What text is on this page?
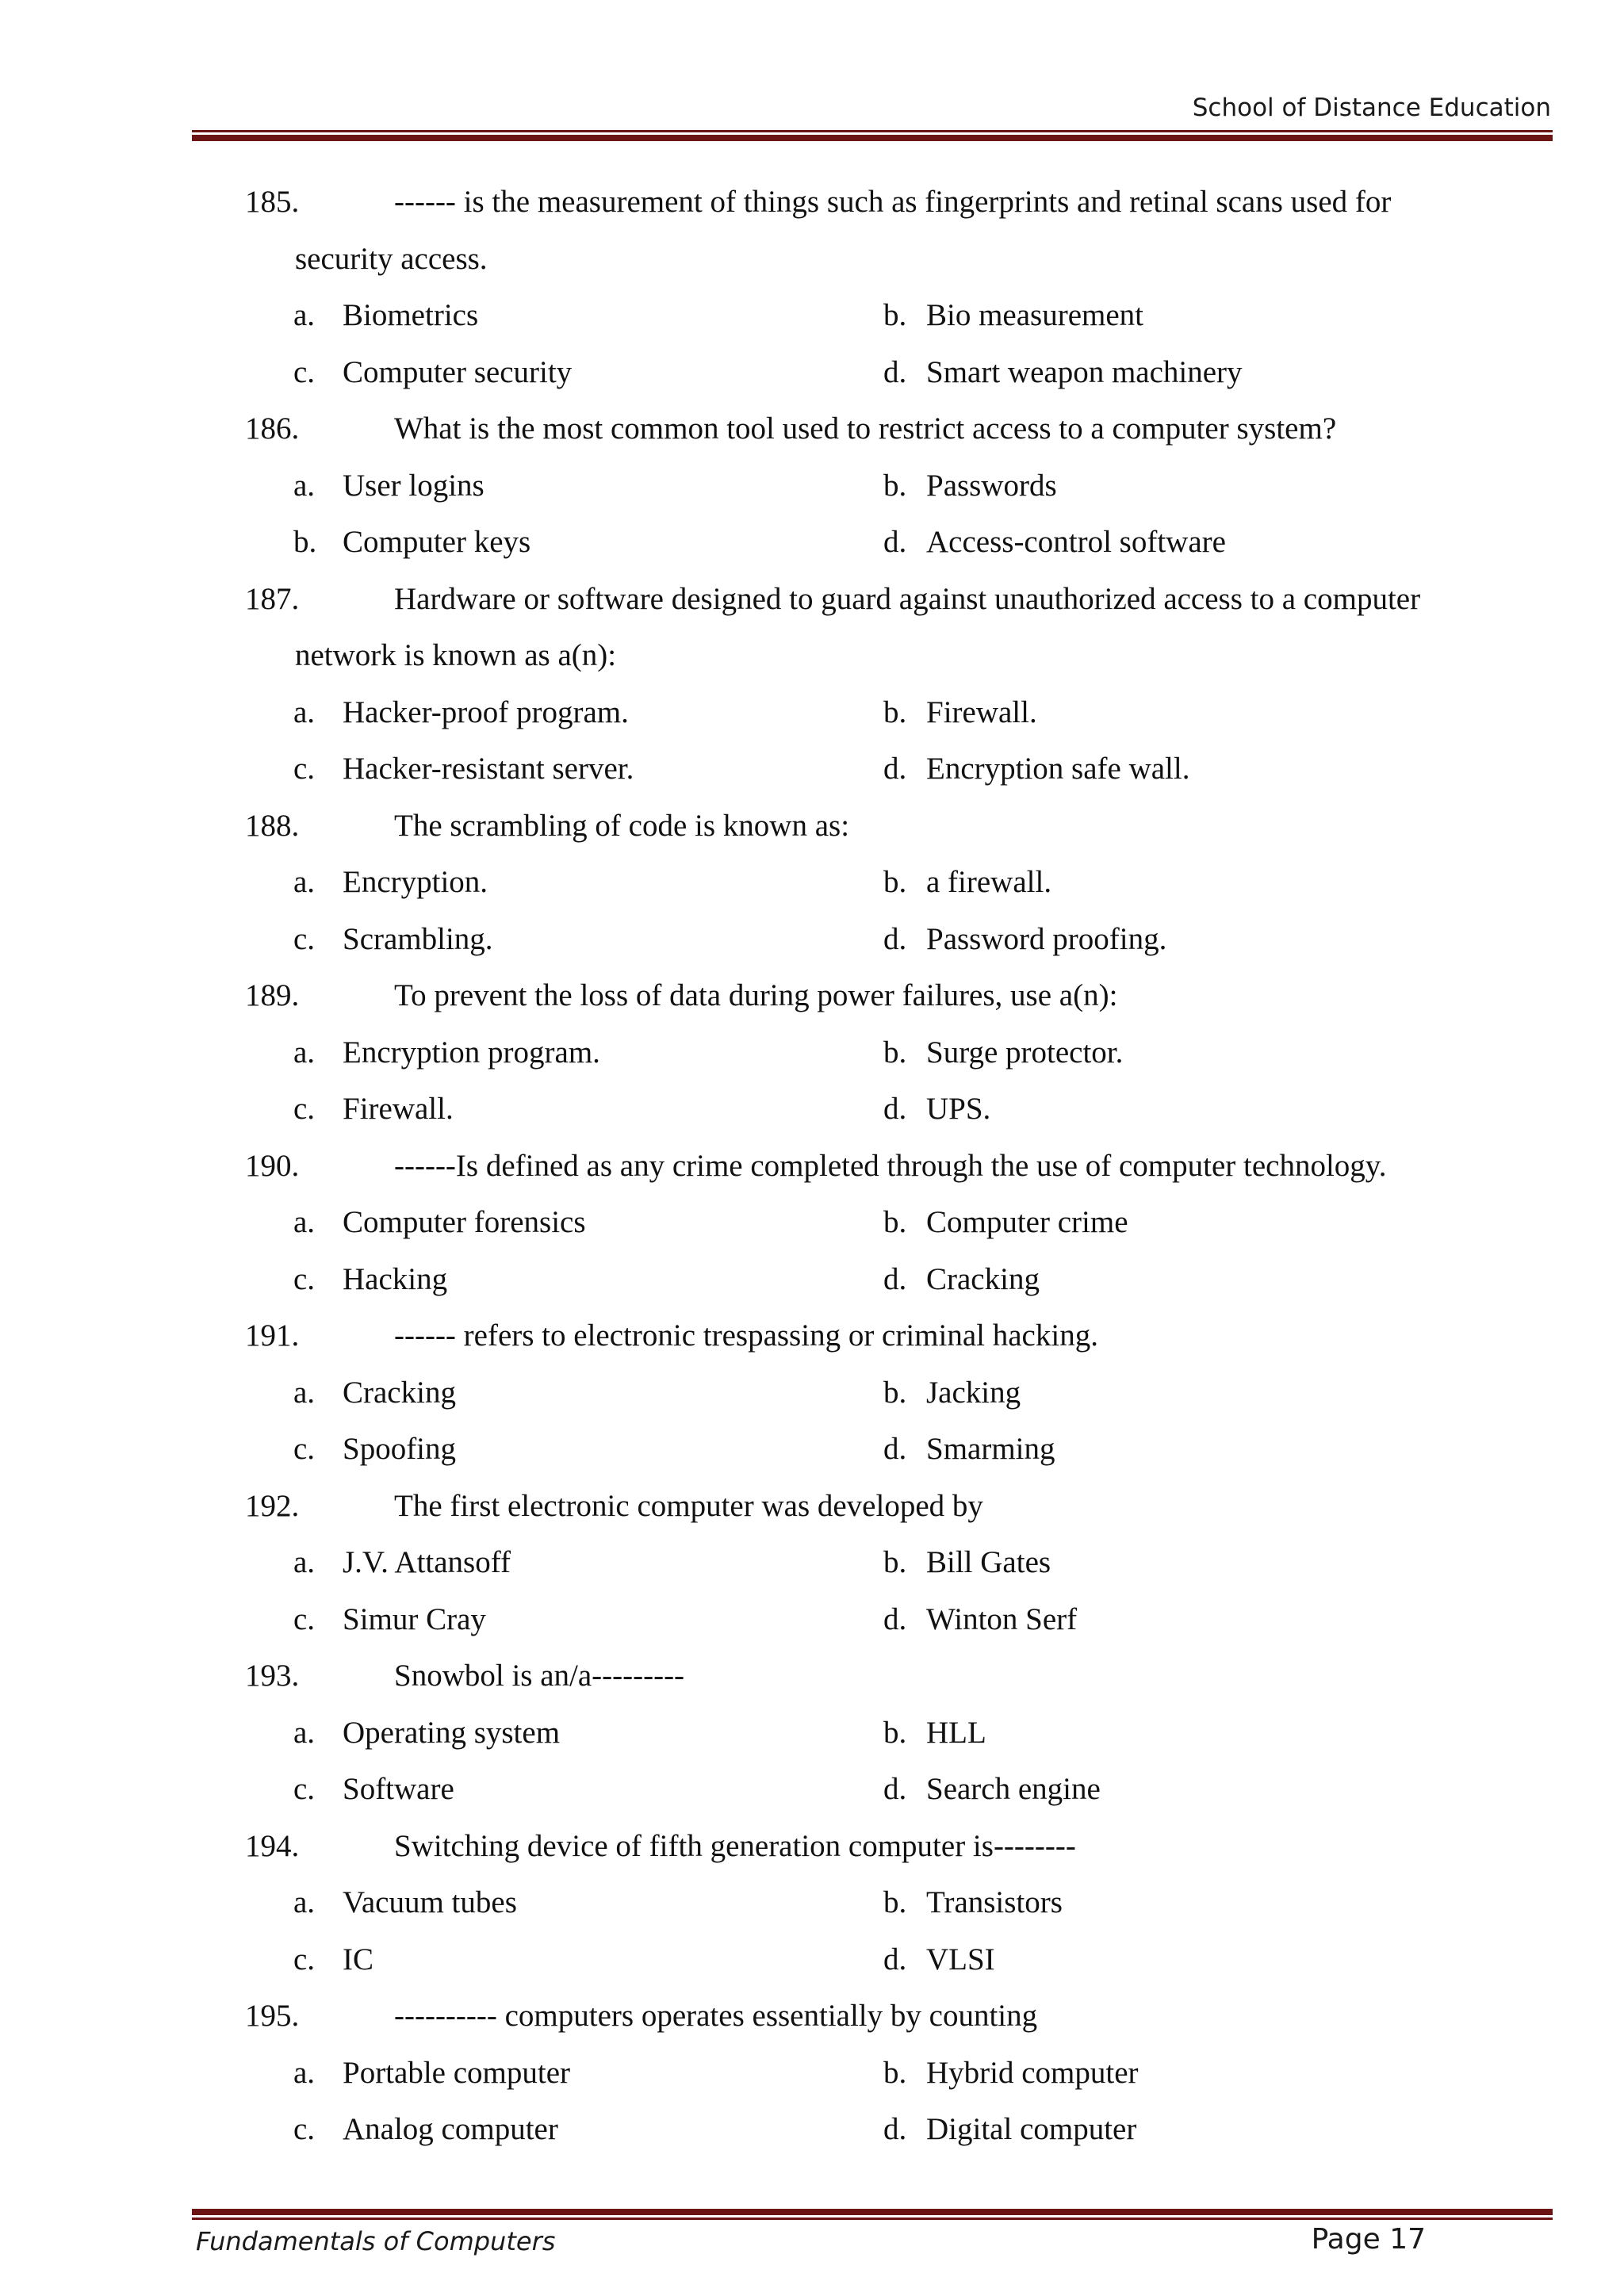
School of Distance Education
185.	------ is the measurement of things such as fingerprints and retinal scans used for
security access.
a. Biometrics	b. Bio measurement
c. Computer security	d. Smart weapon machinery
186.	What is the most common tool used to restrict access to a computer system?
a. User logins	b. Passwords
b. Computer keys	d. Access-control software
187.	Hardware or software designed to guard against unauthorized access to a computer
network is known as a(n):
a. Hacker-proof program.	b. Firewall.
c. Hacker-resistant server.	d. Encryption safe wall.
188.	The scrambling of code is known as:
a. Encryption.	b. a firewall.
c. Scrambling.	d. Password proofing.
189.	To prevent the loss of data during power failures, use a(n):
a. Encryption program.	b. Surge protector.
c. Firewall.	d. UPS.
190.	------Is defined as any crime completed through the use of computer technology.
a. Computer forensics	b. Computer crime
c. Hacking	d. Cracking
191.	------ refers to electronic trespassing or criminal hacking.
a. Cracking	b. Jacking
c. Spoofing	d. Smarming
192.	The first electronic computer was developed by
a. J.V. Attansoff	b. Bill Gates
c. Simur Cray	d. Winton Serf
193.	Snowbol is an/a---------
a. Operating system	b. HLL
c. Software	d. Search engine
194.	Switching device of fifth generation computer is--------
a. Vacuum tubes	b. Transistors
c. IC	d. VLSI
195.	---------- computers operates essentially by counting
a. Portable computer	b. Hybrid computer
c. Analog computer	d. Digital computer
Fundamentals of Computers	Page 17
